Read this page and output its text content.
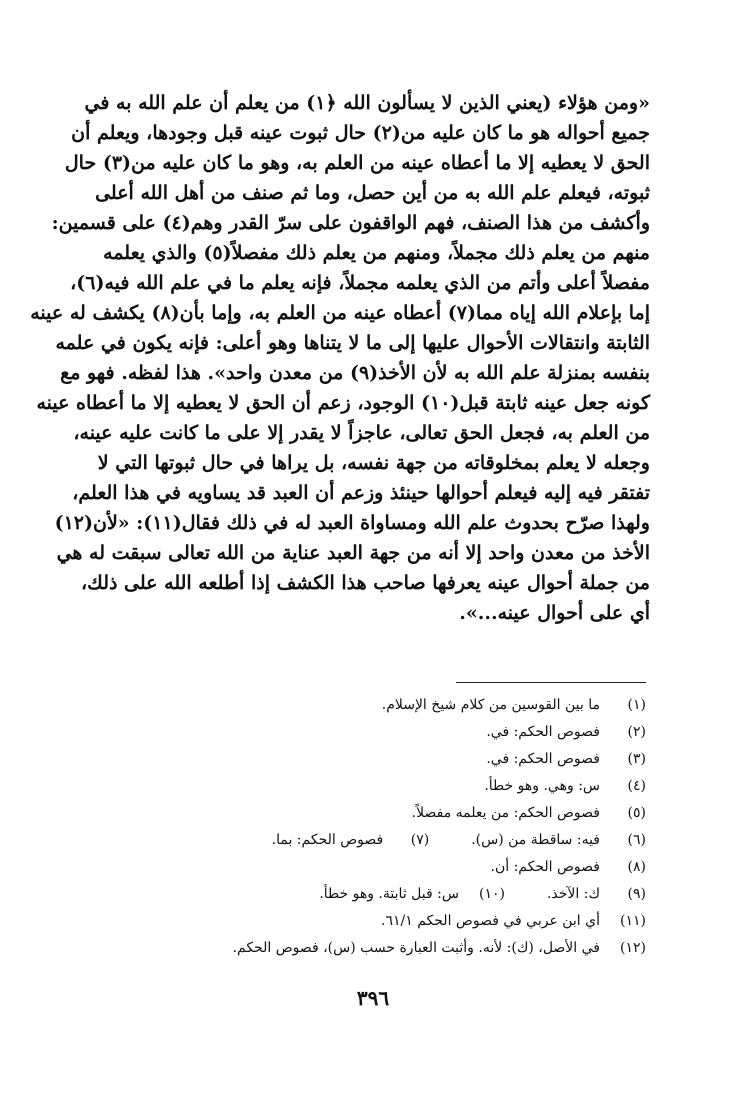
«ومن هؤلاء (يعني الذين لا يسألون الله ﴿‏١) من يعلم أن علم الله به في
جميع أحواله هو ما كان عليه من(٢) حال ثبوت عينه قبل وجودها، ويعلم أن
الحق لا يعطيه إلا ما أعطاه عينه من العلم به، وهو ما كان عليه من(٣) حال
ثبوته، فيعلم علم الله به من أين حصل، وما ثم صنف من أهل الله أعلى
وأكشف من هذا الصنف، فهم الواقفون على سرّ القدر وهم(٤) على قسمين:
منهم من يعلم ذلك مجملاً، ومنهم من يعلم ذلك مفصلاً(٥) والذي يعلمه
مفصلاً أعلى وأتم من الذي يعلمه مجملاً، فإنه يعلم ما في علم الله فيه(٦)،
إما بإعلام الله إياه مما(٧) أعطاه عينه من العلم به، وإما بأن(٨) يكشف له عينه
الثابتة وانتقالات الأحوال عليها إلى ما لا يتناها وهو أعلى: فإنه يكون في علمه
بنفسه بمنزلة علم الله به لأن الأخذ(٩) من معدن واحد». هذا لفظه. فهو مع
كونه جعل عينه ثابتة قبل(١٠) الوجود، زعم أن الحق لا يعطيه إلا ما أعطاه عينه
من العلم به، فجعل الحق تعالى، عاجزاً لا يقدر إلا على ما كانت عليه عينه،
وجعله لا يعلم بمخلوقاته من جهة نفسه، بل يراها في حال ثبوتها التي لا
تفتقر فيه إليه فيعلم أحوالها حينئذ وزعم أن العبد قد يساويه في هذا العلم،
ولهذا صرّح بحدوث علم الله ومساواة العبد له في ذلك فقال(١١): «لأن(١٢)
الأخذ من معدن واحد إلا أنه من جهة العبد عناية من الله تعالى سبقت له هي
من جملة أحوال عينه يعرفها صاحب هذا الكشف إذا أطلعه الله على ذلك،
أي على أحوال عينه...».
(١)
ما بين القوسين من كلام شيخ الإسلام.
(٢)
فصوص الحكم: في.
(٣)
فصوص الحكم: في.
(٤)
س: وهي. وهو خطأ.
(٥)
فصوص الحكم: من يعلمه مفصلاً.
(٦)
فيه: ساقطة من (س).
(٧)
فصوص الحكم: بما.
(٨)
فصوص الحكم: أن.
(٩)
ك: الآخذ.
(١٠)
س: قبل ثابتة. وهو خطأ.
(١١)
أي ابن عربي في فصوص الحكم ٦١/١.
(١٢)
في الأصل، (ك): لأنه. وأثبت العبارة حسب (س)، فصوص الحكم.
٣٩٦
